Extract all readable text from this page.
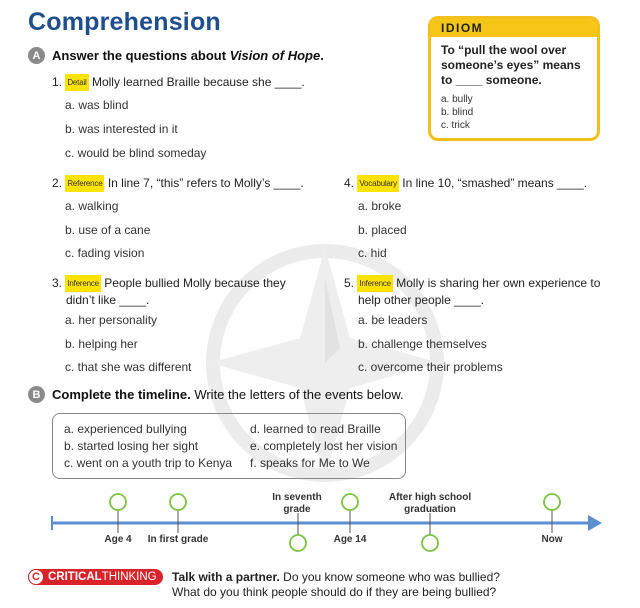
Comprehension	IDIOM
To “pull the wool over someone’s eyes” means to ____ someone.
a. bully
b. blind
c. trick
A Answer the questions about Vision of Hope.
1. Detail Molly learned Braille because she ____.
a. was blind
b. was interested in it
c. would be blind someday
2. Reference In line 7, “this” refers to Molly’s ____.
a. walking
b. use of a cane
c. fading vision
3. Inference People bullied Molly because they
didn’t like ____.
a. her personality
b. helping her
c. that she was different
4. Vocabulary In line 10, “smashed” means ____.
a. broke
b. placed
c. hid
5. Inference Molly is sharing her own experience to
help other people ____.
a. be leaders
b. challenge themselves
c. overcome their problems
B Complete the timeline. Write the letters of the events below.
a. experienced bullying
b. started losing her sight
c. went on a youth trip to Kenya
d. learned to read Braille
e. completely lost her vision
f. speaks for Me to We
In seventh
grade
After high school
graduation
Age 4	In first grade	Age 14	Now
C CRITICAL THINKING Talk with a partner. Do you know someone who was bullied?
What do you think people should do if they are being bullied?
